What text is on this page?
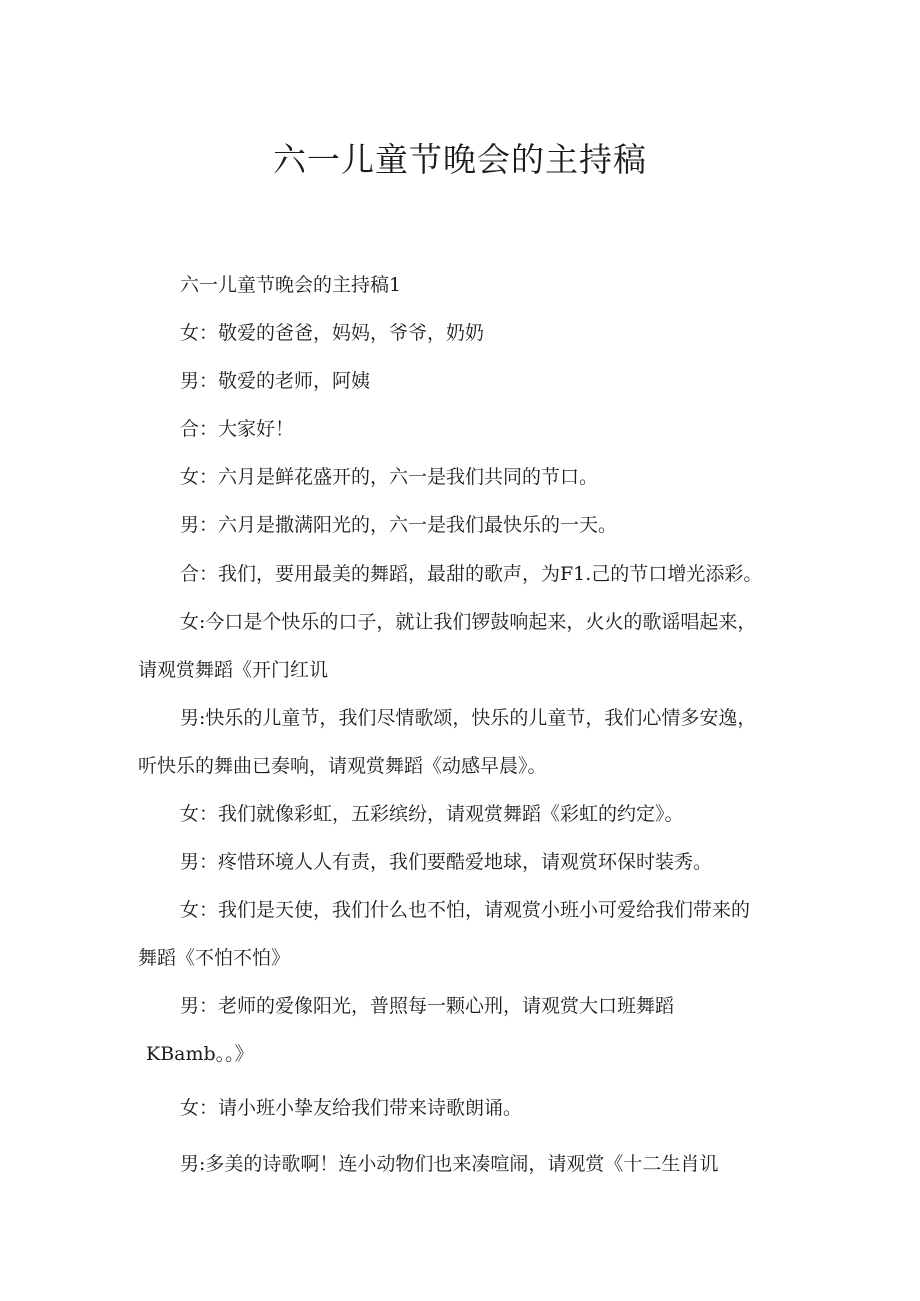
六一儿童节晚会的主持稿
六一儿童节晚会的主持稿1
女：敬爱的爸爸，妈妈，爷爷，奶奶
男：敬爱的老师，阿姨
合：大家好！
女：六月是鲜花盛开的，六一是我们共同的节口。
男：六月是撒满阳光的，六一是我们最快乐的一天。
合：我们，要用最美的舞蹈，最甜的歌声，为F1.己的节口增光添彩。
女:今口是个快乐的口子，就让我们锣鼓响起来，火火的歌谣唱起来，
请观赏舞蹈《开门红讥
男:快乐的儿童节，我们尽情歌颂，快乐的儿童节，我们心情多安逸，
听快乐的舞曲已奏响，请观赏舞蹈《动感早晨》。
女：我们就像彩虹，五彩缤纷，请观赏舞蹈《彩虹的约定》。
男：疼惜环境人人有责，我们要酷爱地球，请观赏环保时装秀。
女：我们是天使，我们什么也不怕，请观赏小班小可爱给我们带来的
舞蹈《不怕不怕》
男：老师的爱像阳光，普照每一颗心刑，请观赏大口班舞蹈
KBamb。。》
女：请小班小挚友给我们带来诗歌朗诵。
男:多美的诗歌啊！连小动物们也来凑喧闹，请观赏《十二生肖讥
